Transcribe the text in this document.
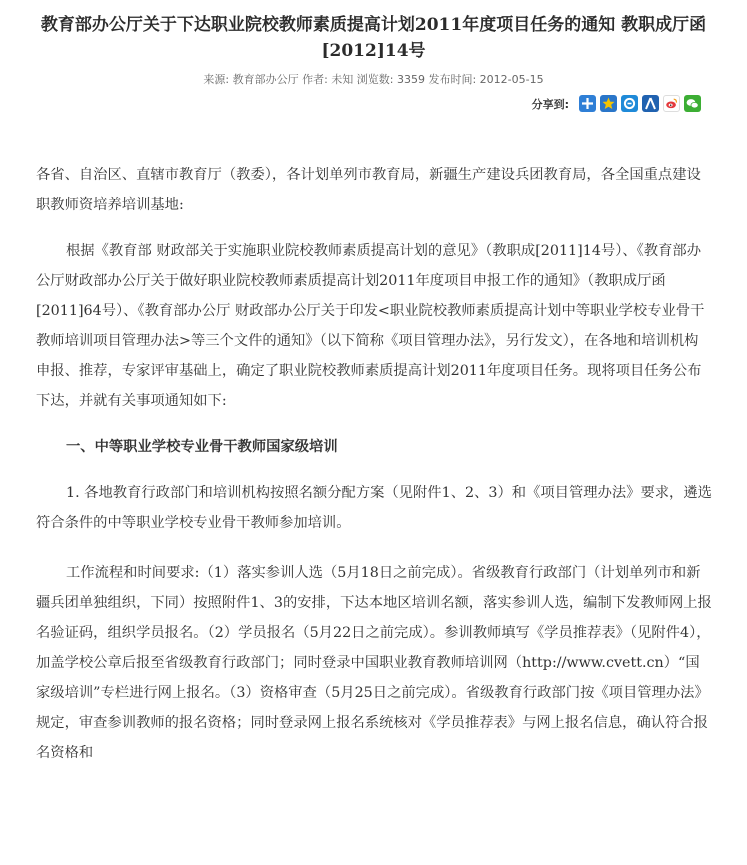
教育部办公厅关于下达职业院校教师素质提高计划2011年度项目任务的通知 教职成厅函[2012]14号
来源: 教育部办公厅 作者: 未知 浏览数: 3359 发布时间: 2012-05-15
分享到:

各省、自治区、直辖市教育厅（教委），各计划单列市教育局，新疆生产建设兵团教育局，各全国重点建设职教师资培养培训基地:

根据《教育部 财政部关于实施职业院校教师素质提高计划的意见》（教职成[2011]14号）、《教育部办公厅财政部办公厅关于做好职业院校教师素质提高计划2011年度项目申报工作的通知》（教职成厅函[2011]64号）、《教育部办公厅 财政部办公厅关于印发<职业院校教师素质提高计划中等职业学校专业骨干教师培训项目管理办法>等三个文件的通知》（以下简称《项目管理办法》，另行发文），在各地和培训机构申报、推荐，专家评审基础上，确定了职业院校教师素质提高计划2011年度项目任务。现将项目任务公布下达，并就有关事项通知如下:

一、中等职业学校专业骨干教师国家级培训

1. 各地教育行政部门和培训机构按照名额分配方案（见附件1、2、3）和《项目管理办法》要求，遴选符合条件的中等职业学校专业骨干教师参加培训。

工作流程和时间要求:（1）落实参训人选（5月18日之前完成）。省级教育行政部门（计划单列市和新疆兵团单独组织，下同）按照附件1、3的安排，下达本地区培训名额，落实参训人选，编制下发教师网上报名验证码，组织学员报名。（2）学员报名（5月22日之前完成）。参训教师填写《学员推荐表》（见附件4），加盖学校公章后报至省级教育行政部门；同时登录中国职业教育教师培训网（http://www.cvett.cn）“国家级培训”专栏进行网上报名。（3）资格审查（5月25日之前完成）。省级教育行政部门按《项目管理办法》规定，审查参训教师的报名资格；同时登录网上报名系统核对《学员推荐表》与网上报名信息，确认符合报名资格和
